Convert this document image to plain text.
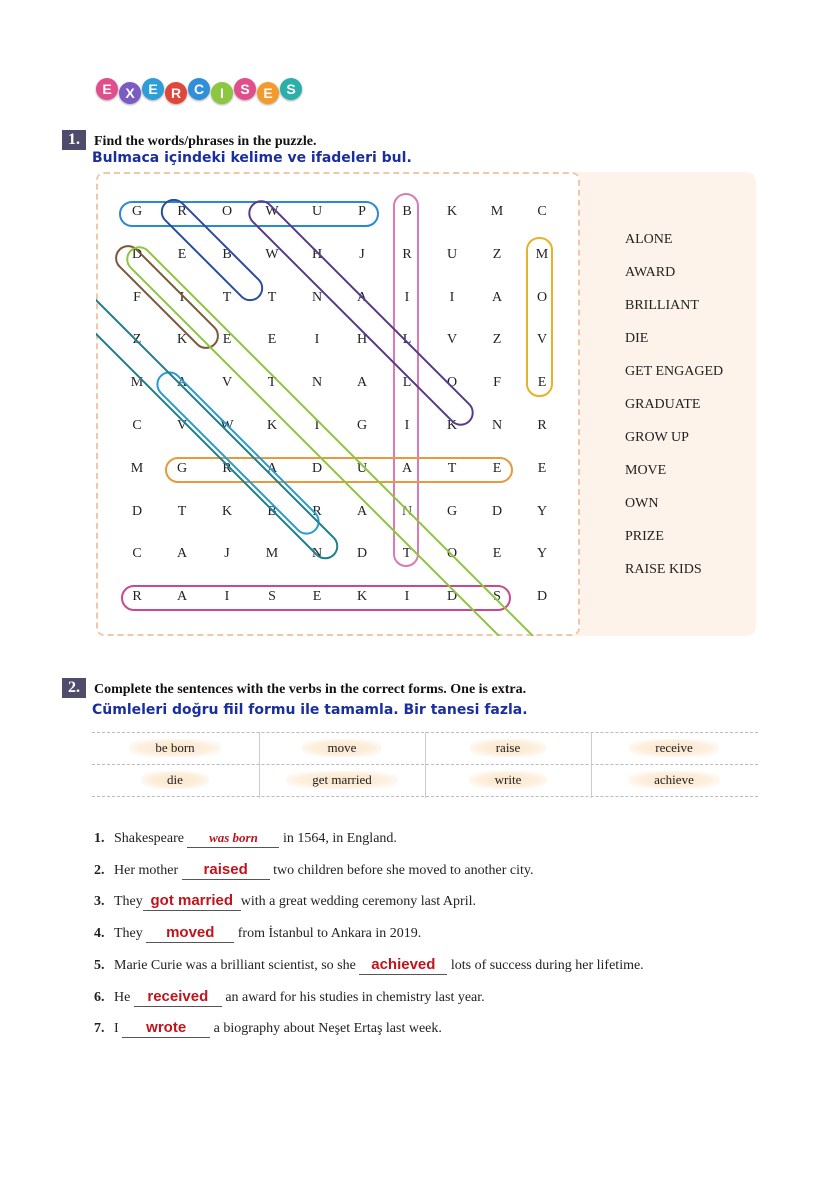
E X E R C	I	S E S
1.	Find the words/phrases in the puzzle.
Bulmaca içindeki kelime ve ifadeleri bul.
G	R	O	W	U	P	B	K	M	C
D	E	B	W	H	J	R	U	Z	M
F	I	T	T	N	A	I	I	A	O
Z	K	E	E	I	H	L	V	Z	V
M	A	V	T	N	A	L	O	F	E
C	V	W	K	I	G	I	K	N	R
M	G	R	A	D	U	A	T	E	E
D	T	K	B	R	A	N	G	D	Y
C	A	J	M	N	D	T	O	E	Y
R	A	I	S	E	K	I	D	S	D
ALONE
AWARD
BRILLIANT
DIE
GET ENGAGED
GRADUATE
GROW UP
MOVE
OWN
PRIZE
RAISE KIDS
2.	Complete the sentences with the verbs in the correct forms. One is extra.
Cümleleri doğru fiil formu ile tamamla. Bir tanesi fazla.
be born	move	raise	receive
die	get married	write	achieve
1. Shakespeare was born in 1564, in England.
2. Her mother raised two children before she moved to another city.
3. They got married with a great wedding ceremony last April.
4. They moved from İstanbul to Ankara in 2019.
5. Marie Curie was a brilliant scientist, so she achieved lots of success during her lifetime.
6. He received an award for his studies in chemistry last year.
7. I wrote a biography about Neşet Ertaş last week.
